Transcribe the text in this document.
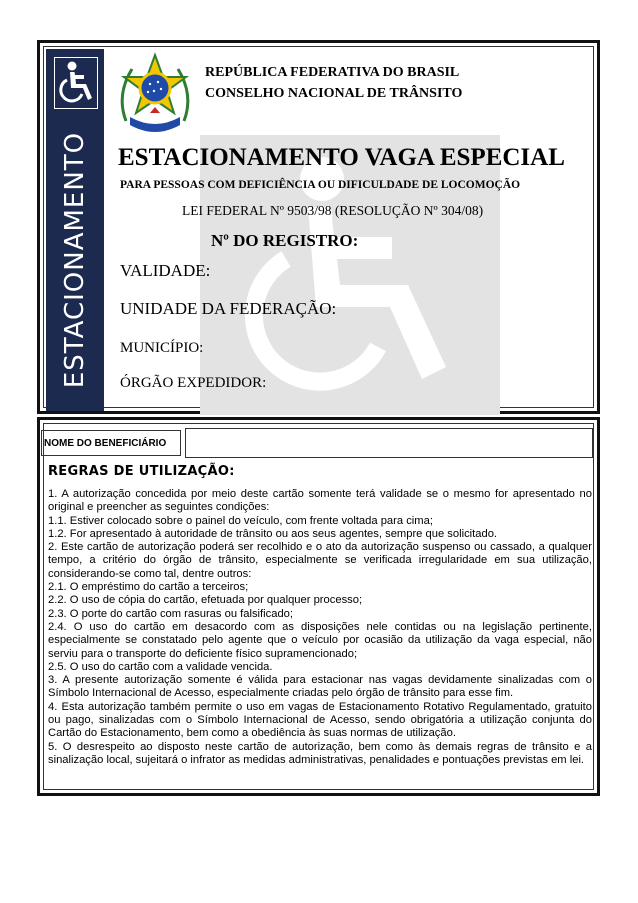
ESTACIONAMENTO
REPÚBLICA FEDERATIVA DO BRASIL
CONSELHO NACIONAL DE TRÂNSITO
ESTACIONAMENTO VAGA ESPECIAL
PARA PESSOAS COM DEFICIÊNCIA OU DIFICULDADE DE LOCOMOÇÃO
LEI FEDERAL Nº 9503/98 (RESOLUÇÃO Nº 304/08)
Nº DO REGISTRO:
VALIDADE:
UNIDADE DA FEDERAÇÃO:
MUNICÍPIO:
ÓRGÃO EXPEDIDOR:
NOME DO BENEFICIÁRIO
REGRAS DE UTILIZAÇÃO:
1. A autorização concedida por meio deste cartão somente terá validade se o mesmo for apresentado no original e preencher as seguintes condições:
1.1. Estiver colocado sobre o painel do veículo, com frente voltada para cima;
1.2. For apresentado à autoridade de trânsito ou aos seus agentes, sempre que solicitado.
2. Este cartão de autorização poderá ser recolhido e o ato da autorização suspenso ou cassado, a qualquer tempo, a critério do órgão de trânsito, especialmente se verificada irregularidade em sua utilização, considerando-se como tal, dentre outros:
2.1. O empréstimo do cartão a terceiros;
2.2. O uso de cópia do cartão, efetuada por qualquer processo;
2.3. O porte do cartão com rasuras ou falsificado;
2.4. O uso do cartão em desacordo com as disposições nele contidas ou na legislação pertinente, especialmente se constatado pelo agente que o veículo por ocasião da utilização da vaga especial, não serviu para o transporte do deficiente físico supramencionado;
2.5. O uso do cartão com a validade vencida.
3. A presente autorização somente é válida para estacionar nas vagas devidamente sinalizadas com o Símbolo Internacional de Acesso, especialmente criadas pelo órgão de trânsito para esse fim.
4. Esta autorização também permite o uso em vagas de Estacionamento Rotativo Regulamentado, gratuito ou pago, sinalizadas com o Símbolo Internacional de Acesso, sendo obrigatória a utilização conjunta do Cartão do Estacionamento, bem como a obediência às suas normas de utilização.
5. O desrespeito ao disposto neste cartão de autorização, bem como às demais regras de trânsito e a sinalização local, sujeitará o infrator as medidas administrativas, penalidades e pontuações previstas em lei.
